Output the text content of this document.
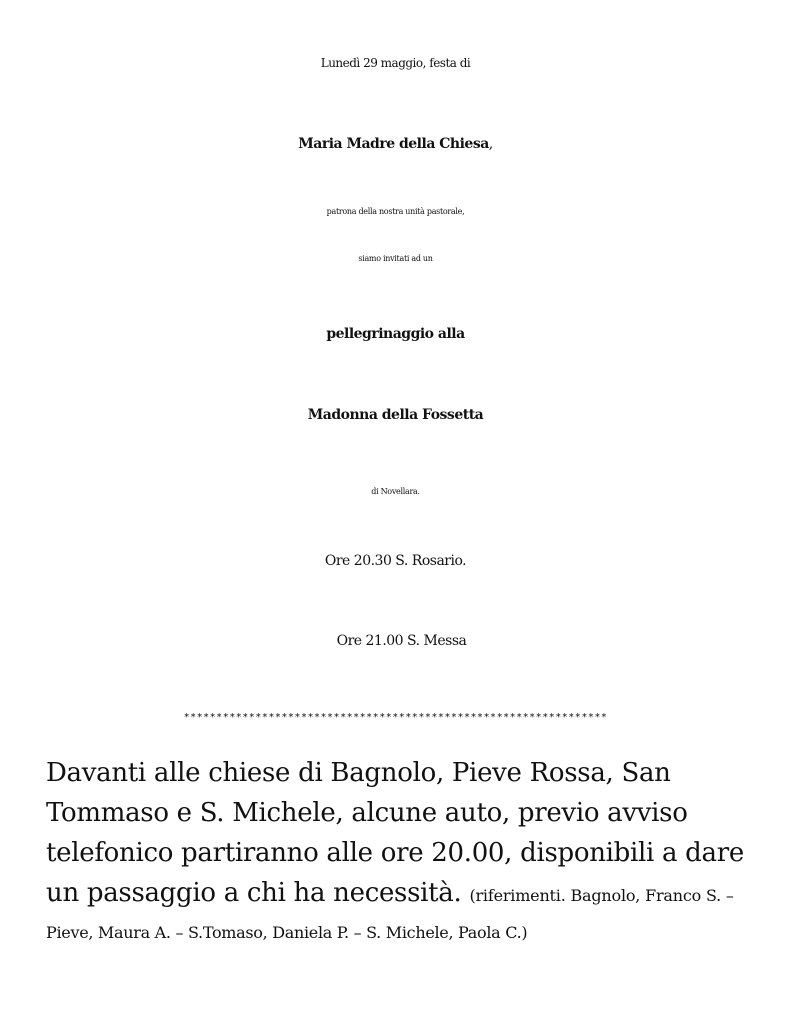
Lunedì 29 maggio, festa di
Maria Madre della Chiesa,
patrona della nostra unità pastorale,
siamo invitati ad un
pellegrinaggio alla
Madonna della Fossetta
di Novellara.
Ore 20.30 S. Rosario.
Ore 21.00 S. Messa
*****************************************************************
Davanti alle chiese di Bagnolo, Pieve Rossa, San
Tommaso e S. Michele, alcune auto, previo avviso
telefonico partiranno alle ore 20.00, disponibili a dare
un passaggio a chi ha necessità. (riferimenti. Bagnolo, Franco S. –
Pieve, Maura A. – S.Tomaso, Daniela P. – S. Michele, Paola C.)
